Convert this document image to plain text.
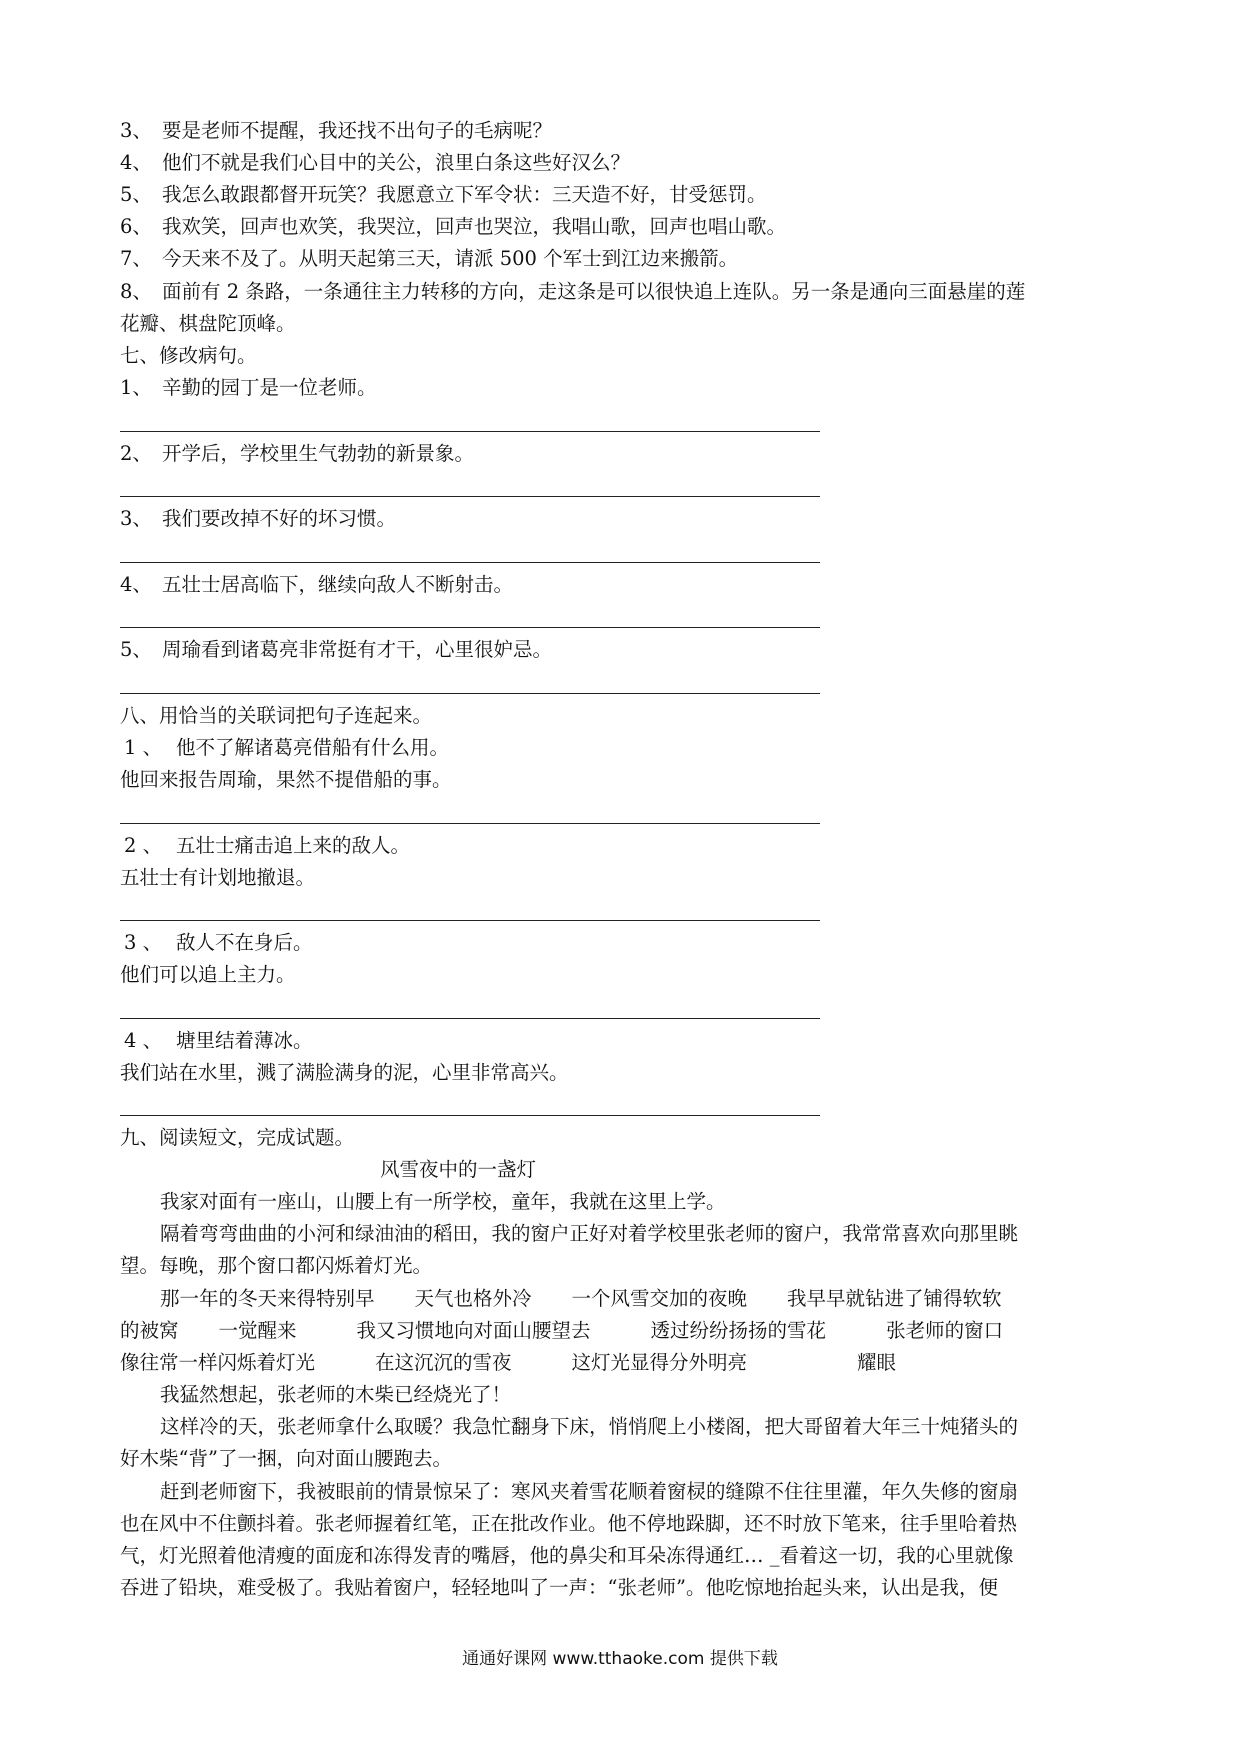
3、 要是老师不提醒，我还找不出句子的毛病呢？
4、 他们不就是我们心目中的关公，浪里白条这些好汉么？
5、 我怎么敢跟都督开玩笑？我愿意立下军令状：三天造不好，甘受惩罚。
6、 我欢笑，回声也欢笑，我哭泣，回声也哭泣，我唱山歌，回声也唱山歌。
7、 今天来不及了。从明天起第三天，请派 500 个军士到江边来搬箭。
8、 面前有 2 条路，一条通往主力转移的方向，走这条是可以很快追上连队。另一条是通向三面悬崖的莲
花瓣、棋盘陀顶峰。
七、修改病句。
1、 辛勤的园丁是一位老师。
2、 开学后，学校里生气勃勃的新景象。
3、 我们要改掉不好的坏习惯。
4、 五壮士居高临下，继续向敌人不断射击。
5、 周瑜看到诸葛亮非常挺有才干，心里很妒忌。
八、用恰当的关联词把句子连起来。
1 、 他不了解诸葛亮借船有什么用。
他回来报告周瑜，果然不提借船的事。
2 、 五壮士痛击追上来的敌人。
五壮士有计划地撤退。
3 、 敌人不在身后。
他们可以追上主力。
4 、 塘里结着薄冰。
我们站在水里，溅了满脸满身的泥，心里非常高兴。
九、阅读短文，完成试题。
风雪夜中的一盏灯
我家对面有一座山，山腰上有一所学校，童年，我就在这里上学。
隔着弯弯曲曲的小河和绿油油的稻田，我的窗户正好对着学校里张老师的窗户，我常常喜欢向那里眺
望。每晚，那个窗口都闪烁着灯光。
那一年的冬天来得特别早 天气也格外冷 一个风雪交加的夜晚 我早早就钻进了铺得软软
的被窝 一觉醒来	我又习惯地向对面山腰望去	透过纷纷扬扬的雪花	张老师的窗口
像往常一样闪烁着灯光	在这沉沉的雪夜	这灯光显得分外明亮	耀眼
我猛然想起，张老师的木柴已经烧光了！
这样冷的天，张老师拿什么取暖？我急忙翻身下床，悄悄爬上小楼阁，把大哥留着大年三十炖猪头的
好木柴“背”了一捆，向对面山腰跑去。
赶到老师窗下，我被眼前的情景惊呆了：寒风夹着雪花顺着窗棂的缝隙不住往里灌，年久失修的窗扇
也在风中不住颤抖着。张老师握着红笔，正在批改作业。他不停地跺脚，还不时放下笔来，往手里哈着热
气，灯光照着他清瘦的面庞和冻得发青的嘴唇，他的鼻尖和耳朵冻得通红… _看着这一切，我的心里就像
吞进了铅块，难受极了。我贴着窗户，轻轻地叫了一声：“张老师”。他吃惊地抬起头来，认出是我，便
通通好课网 www.tthaoke.com 提供下载
